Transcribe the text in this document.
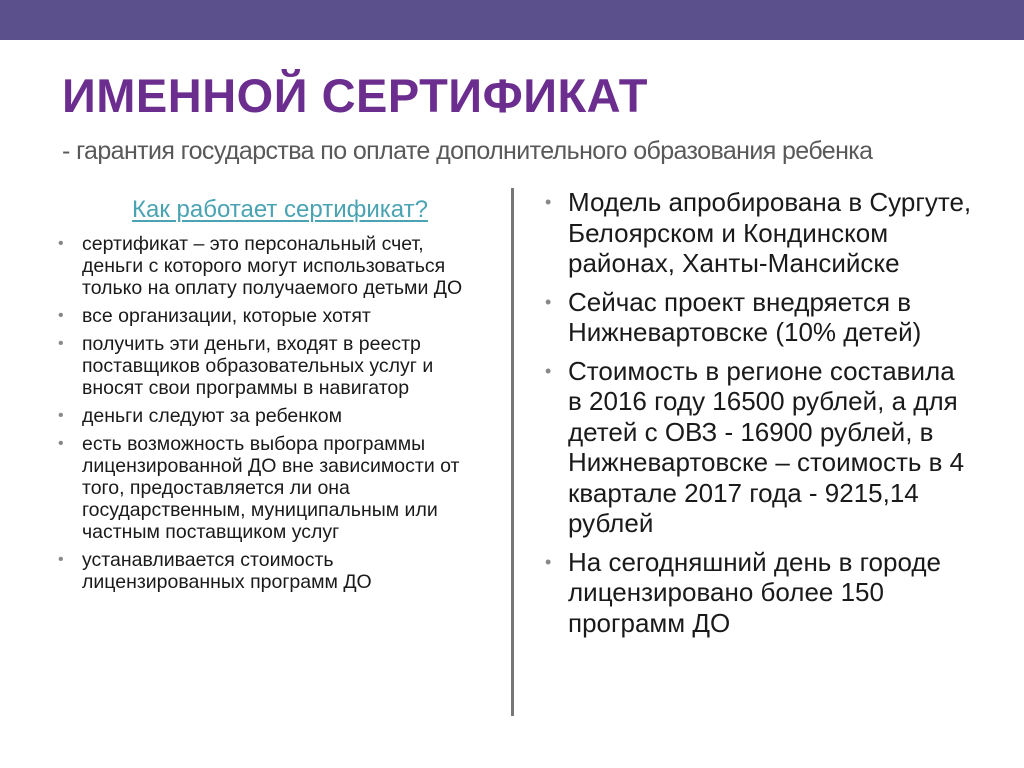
ИМЕННОЙ СЕРТИФИКАТ
- гарантия государства по оплате дополнительного образования ребенка
Как работает сертификат?
• сертификат – это персональный счет, деньги с которого могут использоваться только на оплату получаемого детьми ДО
• все организации, которые хотят
• получить эти деньги, входят в реестр поставщиков образовательных услуг и вносят свои программы в навигатор
• деньги следуют за ребенком
• есть возможность выбора программы лицензированной ДО вне зависимости от того, предоставляется ли она государственным, муниципальным или частным поставщиком услуг
• устанавливается стоимость лицензированных программ ДО
• Модель апробирована в Сургуте, Белоярском и Кондинском районах, Ханты-Мансийске
• Сейчас проект внедряется в Нижневартовске (10% детей)
• Стоимость в регионе составила в 2016 году 16500 рублей, а для детей с ОВЗ - 16900 рублей, в Нижневартовске – стоимость в 4 квартале 2017 года - 9215,14 рублей
• На сегодняшний день в городе лицензировано более 150 программ ДО
